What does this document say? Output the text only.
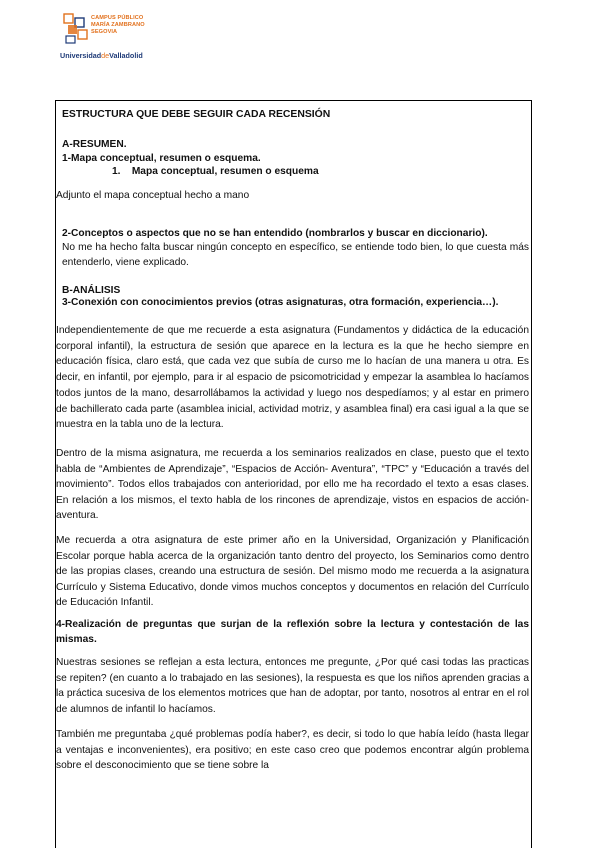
CAMPUS PÚBLICO
MARÍA ZAMBRANO
SEGOVIA
UniversidaddeValladolid
ESTRUCTURA QUE DEBE SEGUIR CADA RECENSIÓN
A-RESUMEN.
1-Mapa conceptual, resumen o esquema.
1.    Mapa conceptual, resumen o esquema
Adjunto el mapa conceptual hecho a mano
2-Conceptos o aspectos que no se han entendido (nombrarlos y buscar en diccionario).
No me ha hecho falta buscar ningún concepto en específico, se entiende todo bien, lo que cuesta más entenderlo, viene explicado.
B-ANÁLISIS
3-Conexión con conocimientos previos (otras asignaturas, otra formación, experiencia…).
Independientemente de que me recuerde a esta asignatura (Fundamentos y didáctica de la educación corporal infantil), la estructura de sesión que aparece en la lectura es la que he hecho siempre en educación física, claro está, que cada vez que subía de curso me lo hacían de una manera u otra. Es decir, en infantil, por ejemplo, para ir al espacio de psicomotricidad y empezar la asamblea lo hacíamos todos juntos de la mano, desarrollábamos la actividad y luego nos despedíamos; y al estar en primero de bachillerato cada parte (asamblea inicial, actividad motriz, y asamblea final) era casi igual a la que se muestra en la tabla uno de la lectura.
Dentro de la misma asignatura, me recuerda a los seminarios realizados en clase, puesto que el texto habla de “Ambientes de Aprendizaje”, “Espacios de Acción- Aventura”, “TPC” y “Educación a través del movimiento”. Todos ellos trabajados con anterioridad, por ello me ha recordado el texto a esas clases. En relación a los mismos, el texto habla de los rincones de aprendizaje, vistos en espacios de acción- aventura.
Me recuerda a otra asignatura de este primer año en la Universidad, Organización y Planificación Escolar porque habla acerca de la organización tanto dentro del proyecto, los Seminarios como dentro de las propias clases, creando una estructura de sesión. Del mismo modo me recuerda a la asignatura Currículo y Sistema Educativo, donde vimos muchos conceptos y documentos en relación del Currículo de Educación Infantil.
4-Realización de preguntas que surjan de la reflexión sobre la lectura y contestación de las mismas.
Nuestras sesiones se reflejan a esta lectura, entonces me pregunte, ¿Por qué casi todas las practicas se repiten? (en cuanto a lo trabajado en las sesiones), la respuesta es que los niños aprenden gracias a la práctica sucesiva de los elementos motrices que han de adoptar, por tanto, nosotros al entrar en el rol de alumnos de infantil lo hacíamos.
También me preguntaba ¿qué problemas podía haber?, es decir, si todo lo que había leído (hasta llegar a ventajas e inconvenientes), era positivo; en este caso creo que podemos encontrar algún problema sobre el desconocimiento que se tiene sobre la
